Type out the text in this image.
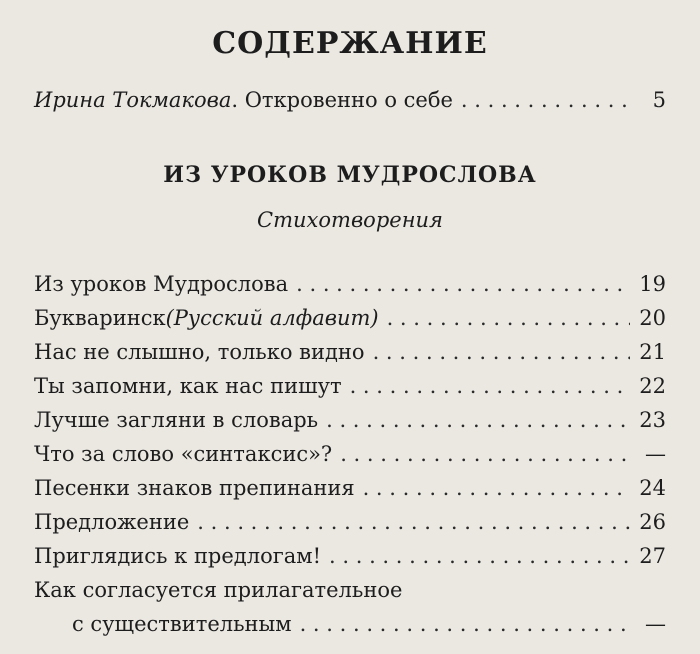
СОДЕРЖАНИЕ
Ирина Токмакова . Откровенно о себе . . .	5
ИЗ УРОКОВ МУДРОСЛОВА
Стихотворения
Из уроков Мудрослова . . .	19
Букваринск (Русский алфавит) . . .	20
Нас не слышно, только видно . . .	21
Ты запомни, как нас пишут . . .	22
Лучше загляни в словарь . . .	23
Что за слово «синтаксис»? . . .	—
Песенки знаков препинания . . .	24
Предложение . . .	26
Приглядись к предлогам! . . .	27
Как согласуется прилагательное
с существительным . . .	—
